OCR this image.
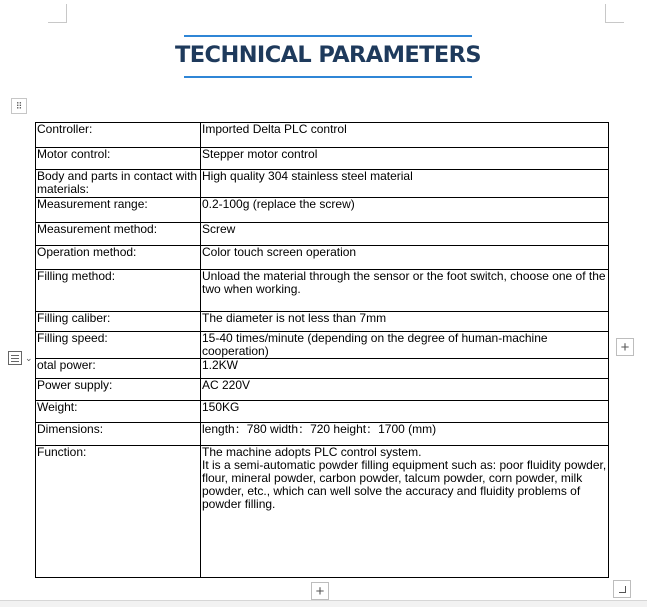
TECHNICAL PARAMETERS
⠿
Controller:	Imported Delta PLC control
Motor control:	Stepper motor control
Body and parts in contact with materials:	High quality 304 stainless steel material
Measurement range:	0.2-100g (replace the screw)
Measurement method:	Screw
Operation method:	Color touch screen operation
Filling method:	Unload the material through the sensor or the foot switch, choose one of the two when working.
Filling caliber:	The diameter is not less than 7mm
Filling speed:	15-40 times/minute (depending on the degree of human-machine cooperation)
otal power:	1.2KW
Power supply:	AC 220V
Weight:	150KG
Dimensions:	length：780 width：720 height：1700 (mm)
Function:	The machine adopts PLC control system.
It is a semi-automatic powder filling equipment such as: poor fluidity powder, flour, mineral powder, carbon powder, talcum powder, corn powder, milk powder, etc., which can well solve the accuracy and fluidity problems of powder filling.
⌄
+
+
